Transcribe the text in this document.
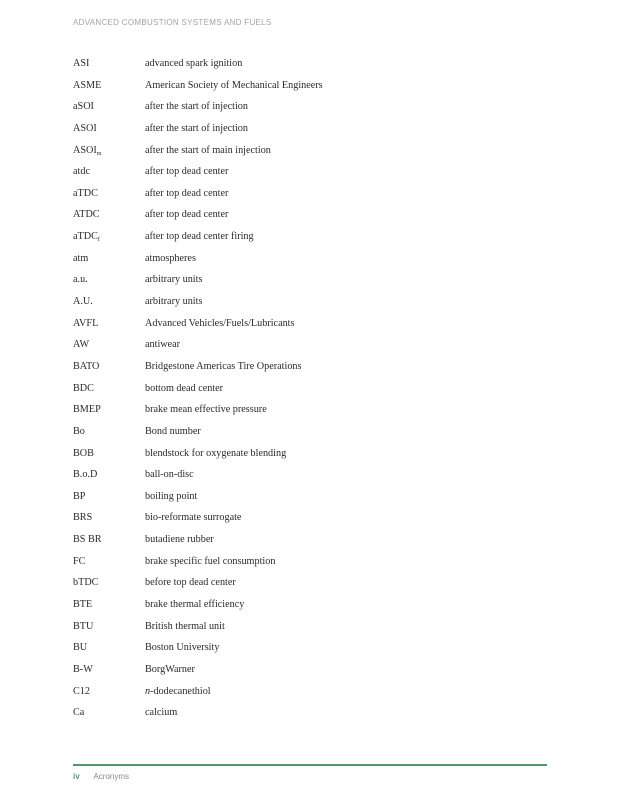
ADVANCED COMBUSTION SYSTEMS AND FUELS
ASI	advanced spark ignition
ASME	American Society of Mechanical Engineers
aSOI	after the start of injection
ASOI	after the start of injection
$ASOI_m$	after the start of main injection
atdc	after top dead center
aTDC	after top dead center
ATDC	after top dead center
aTDC$_f$	after top dead center firing
atm	atmospheres
a.u.	arbitrary units
A.U.	arbitrary units
AVFL	Advanced Vehicles/Fuels/Lubricants
AW	antiwear
BATO	Bridgestone Americas Tire Operations
BDC	bottom dead center
BMEP	brake mean effective pressure
Bo	Bond number
BOB	blendstock for oxygenate blending
B.o.D	ball-on-disc
BP	boiling point
BRS	bio-reformate surrogate
BS BR	butadiene rubber
FC	brake specific fuel consumption
bTDC	before top dead center
BTE	brake thermal efficiency
BTU	British thermal unit
BU	Boston University
B-W	BorgWarner
C12	n-dodecanethiol
Ca	calcium
iv Acronyms
